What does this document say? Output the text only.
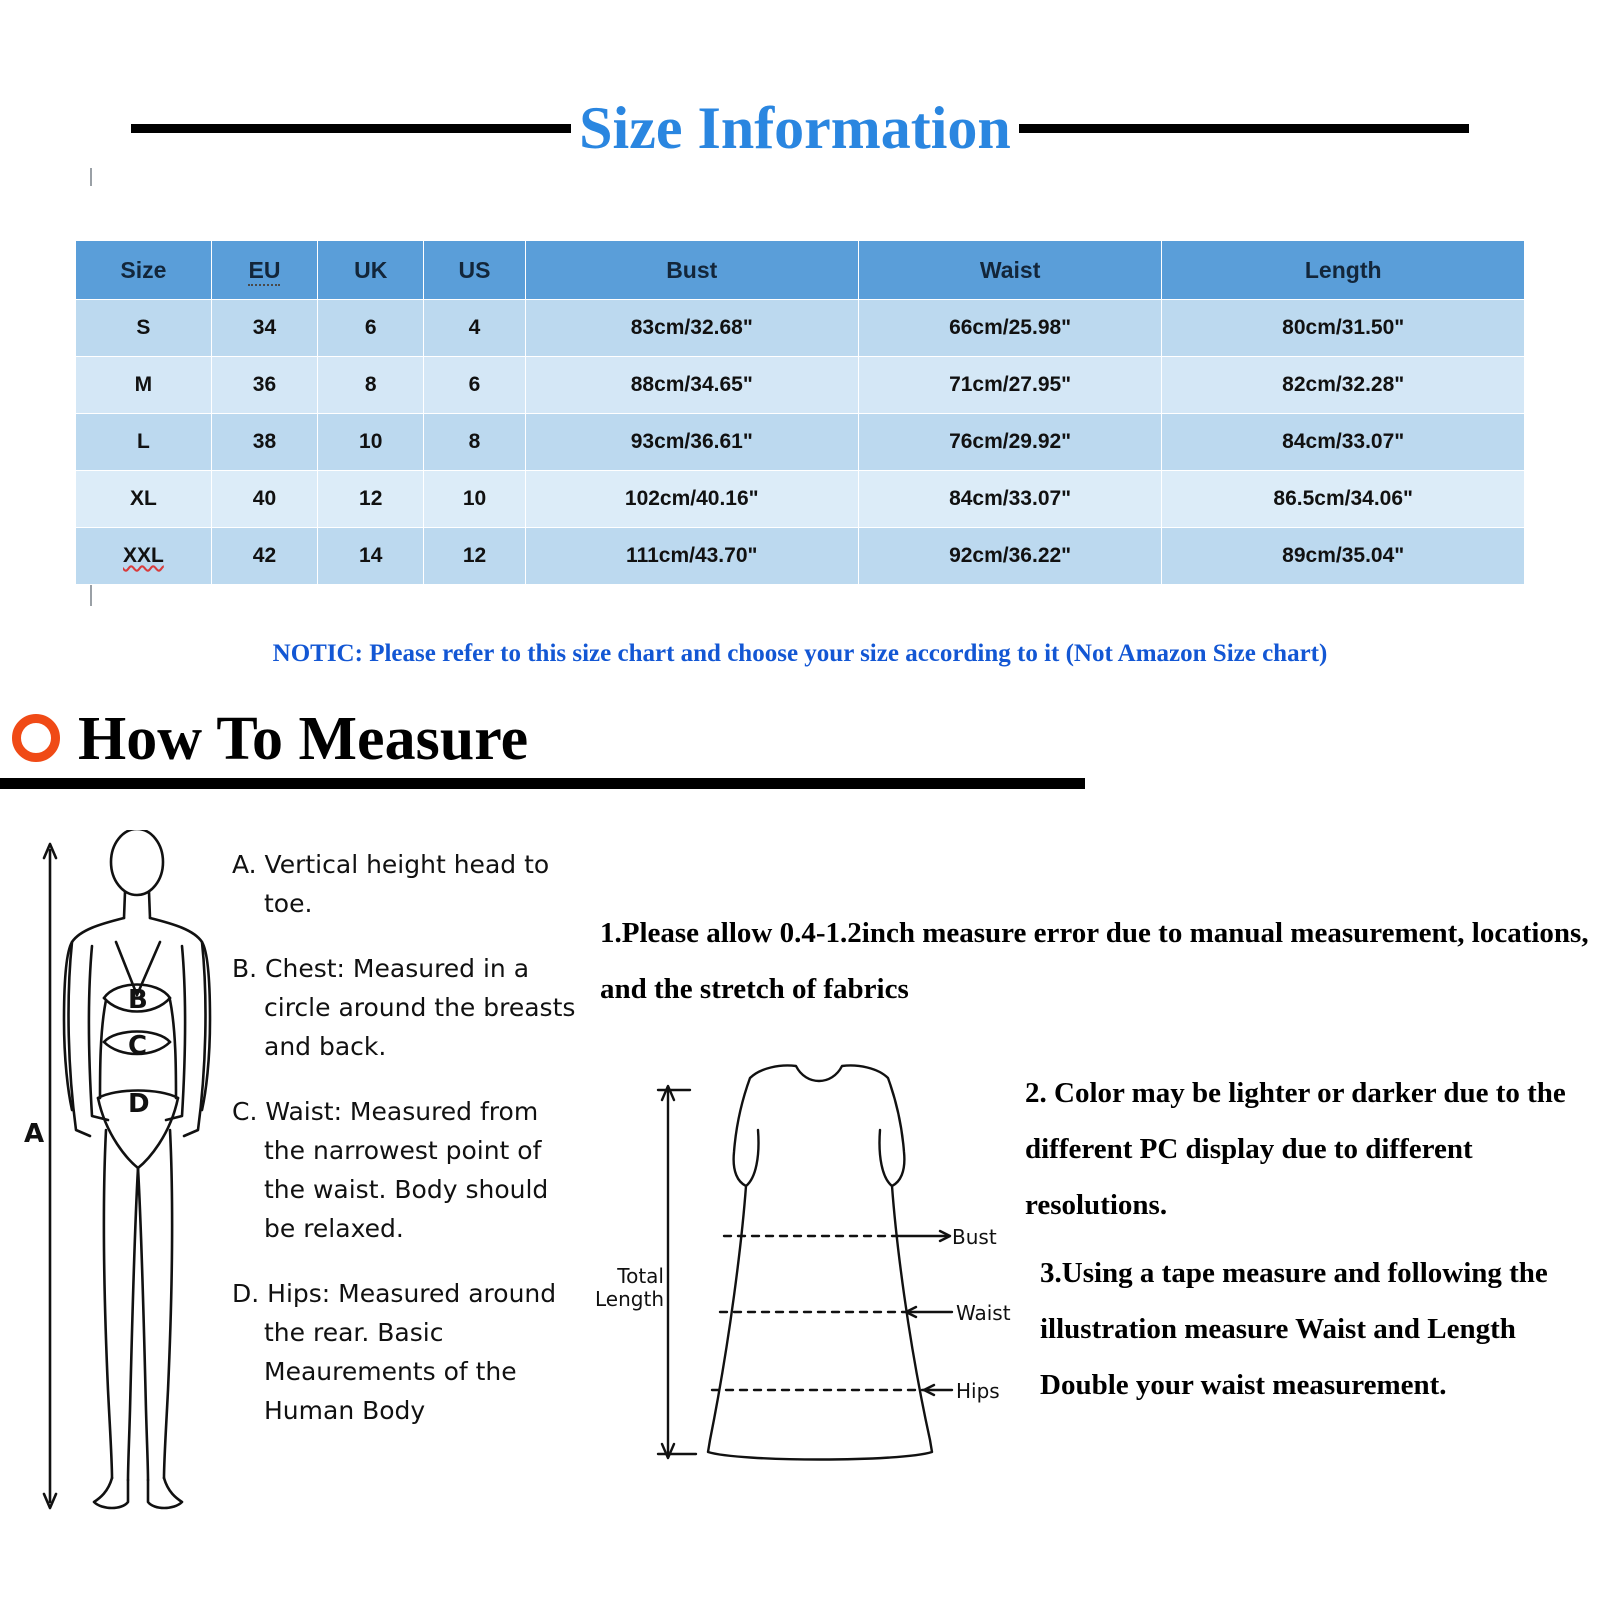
Size Information
Size	EU	UK	US	Bust	Waist	Length
S	34	6	4	83cm/32.68"	66cm/25.98"	80cm/31.50"
M	36	8	6	88cm/34.65"	71cm/27.95"	82cm/32.28"
L	38	10	8	93cm/36.61"	76cm/29.92"	84cm/33.07"
XL	40	12	10	102cm/40.16"	84cm/33.07"	86.5cm/34.06"
XXL	42	14	12	111cm/43.70"	92cm/36.22"	89cm/35.04"
NOTIC: Please refer to this size chart and choose your size according to it (Not Amazon Size chart)
How To Measure
A
B
C
D

A. Vertical height head to toe.

B. Chest: Measured in a circle around the breasts and back.

C. Waist: Measured from the narrowest point of the waist. Body should be relaxed.

D. Hips: Measured around the rear. Basic Meaurements of the Human Body

Total
Length
Bust
Waist
Hips
1.Please allow 0.4-1.2inch measure error due to manual measurement, locations, and the stretch of fabrics
2. Color may be lighter or darker due to the different PC display due to different resolutions.
3.Using a tape measure and following the illustration measure Waist and Length Double your waist measurement.
